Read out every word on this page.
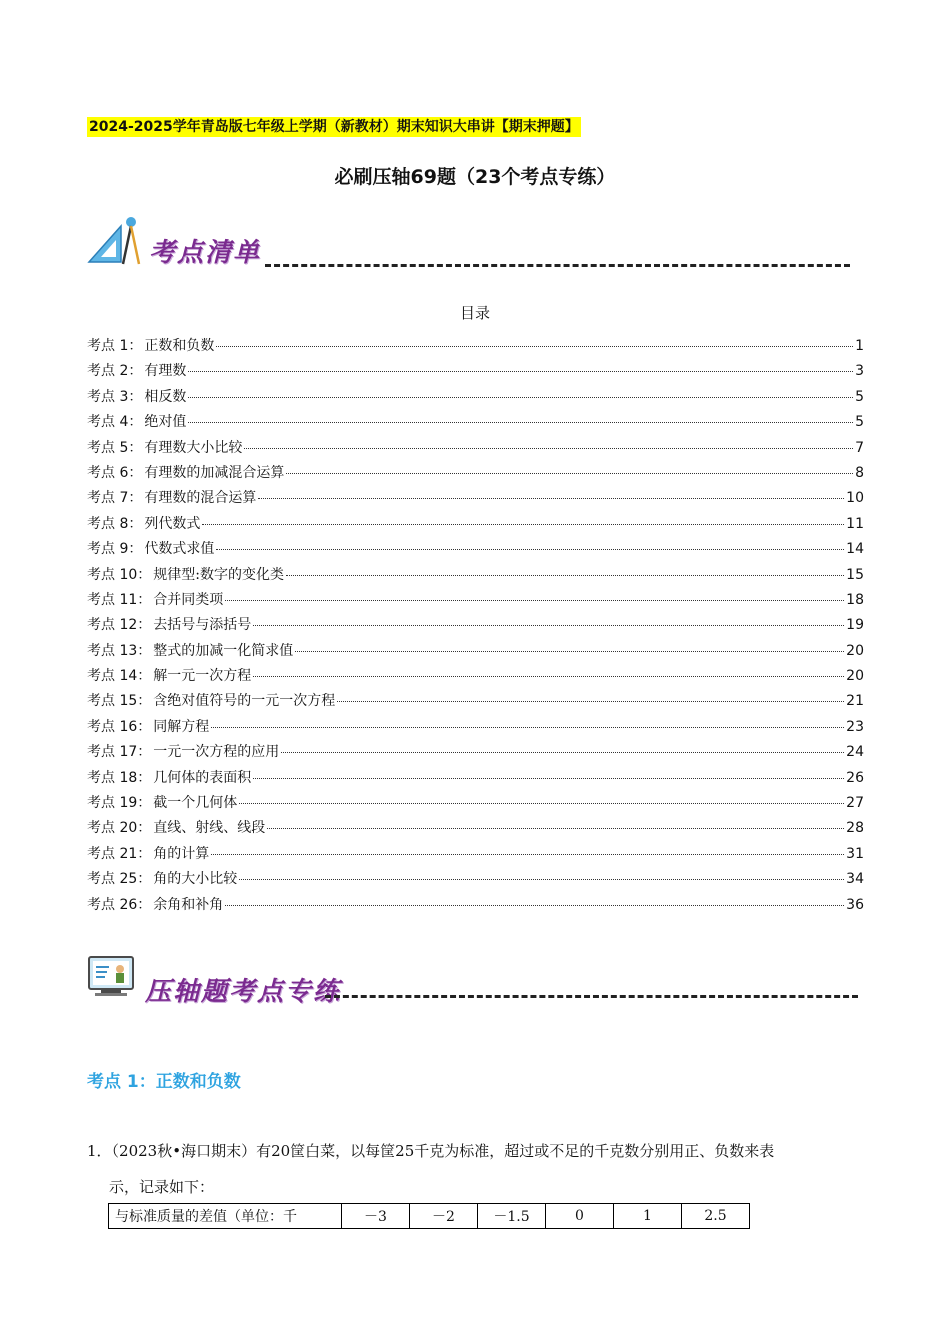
2024-2025学年青岛版七年级上学期（新教材）期末知识大串讲【期末押题】
必刷压轴69题（23个考点专练）
考点清单
目录
考点 1： 正数和负数	1
考点 2： 有理数	3
考点 3： 相反数	5
考点 4： 绝对值	5
考点 5： 有理数大小比较	7
考点 6： 有理数的加减混合运算	8
考点 7： 有理数的混合运算	10
考点 8： 列代数式	11
考点 9： 代数式求值	14
考点 10： 规律型:数字的变化类	15
考点 11： 合并同类项	18
考点 12： 去括号与添括号	19
考点 13： 整式的加减一化简求值	20
考点 14： 解一元一次方程	20
考点 15： 含绝对值符号的一元一次方程	21
考点 16： 同解方程	23
考点 17： 一元一次方程的应用	24
考点 18： 几何体的表面积	26
考点 19： 截一个几何体	27
考点 20： 直线、射线、线段	28
考点 21： 角的计算	31
考点 25： 角的大小比较	34
考点 26： 余角和补角	36
压轴题考点专练
考点 1：正数和负数
1．（2023秋•海口期末）有20筐白菜，以每筐25千克为标准，超过或不足的千克数分别用正、负数来表
示，记录如下：
与标准质量的差值（单位：千	－3	－2	－1.5	0	1	2.5
